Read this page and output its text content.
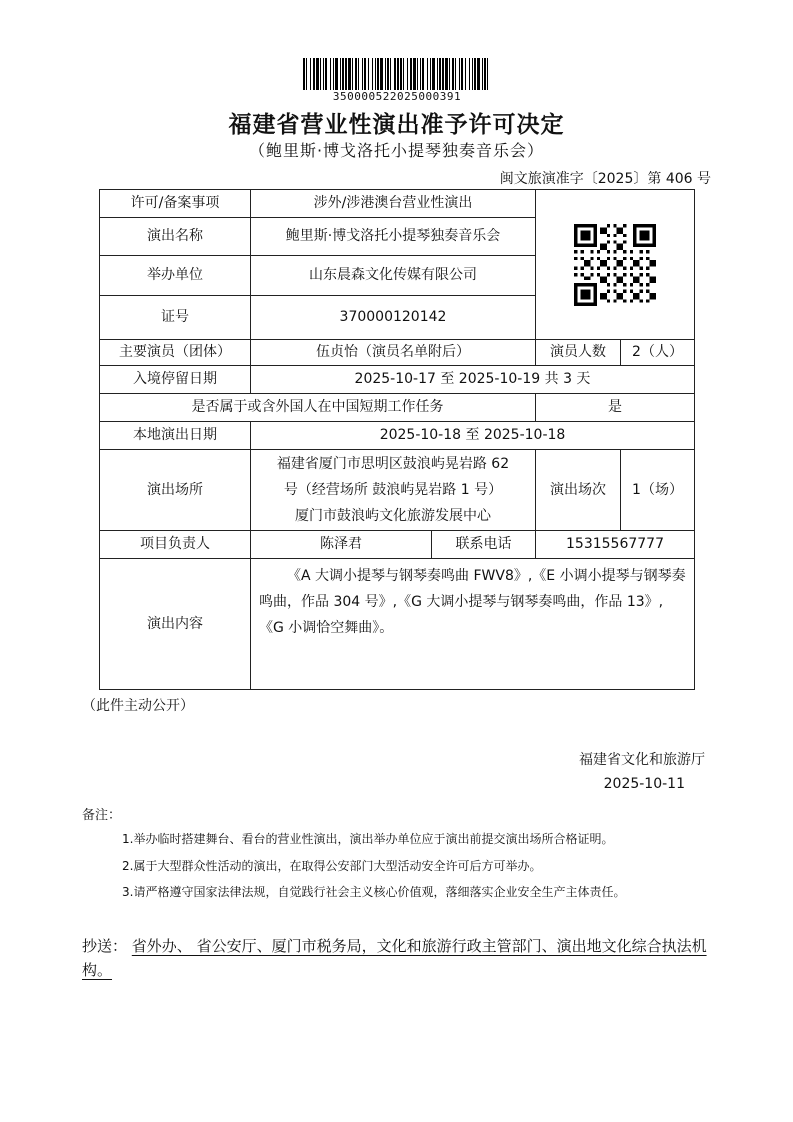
350000522025000391
福建省营业性演出准予许可决定
（鲍里斯·博戈洛托小提琴独奏音乐会）
闽文旅演准字〔2025〕第 406 号
许可/备案事项	涉外/涉港澳台营业性演出	

演出名称	鲍里斯·博戈洛托小提琴独奏音乐会			
举办单位	山东晨森文化传媒有限公司			
证号	370000120142			
主要演员（团体）	伍贞怡（演员名单附后）		演员人数	2（人）
入境停留日期	2025-10-17 至 2025-10-19 共 3 天			
是否属于或含外国人在中国短期工作任务			是	
本地演出日期	2025-10-18 至 2025-10-18			
演出场所	福建省厦门市思明区鼓浪屿晃岩路 62
号（经营场所 鼓浪屿晃岩路 1 号）
厦门市鼓浪屿文化旅游发展中心		演出场次	1（场）
项目负责人	陈泽君	联系电话	15315567777	
演出内容	《A 大调小提琴与钢琴奏鸣曲 FWV8》,《E 小调小提琴与钢琴奏鸣曲，作品 304 号》,《G 大调小提琴与钢琴奏鸣曲，作品 13》,《G 小调恰空舞曲》。			
（此件主动公开）
福建省文化和旅游厅
2025-10-11
备注：
1.举办临时搭建舞台、看台的营业性演出，演出举办单位应于演出前提交演出场所合格证明。
2.属于大型群众性活动的演出，在取得公安部门大型活动安全许可后方可举办。
3.请严格遵守国家法律法规，自觉践行社会主义核心价值观，落细落实企业安全生产主体责任。
抄送： 省外办、 省公安厅、厦门市税务局，文化和旅游行政主管部门、演出地文化综合执法机构。
